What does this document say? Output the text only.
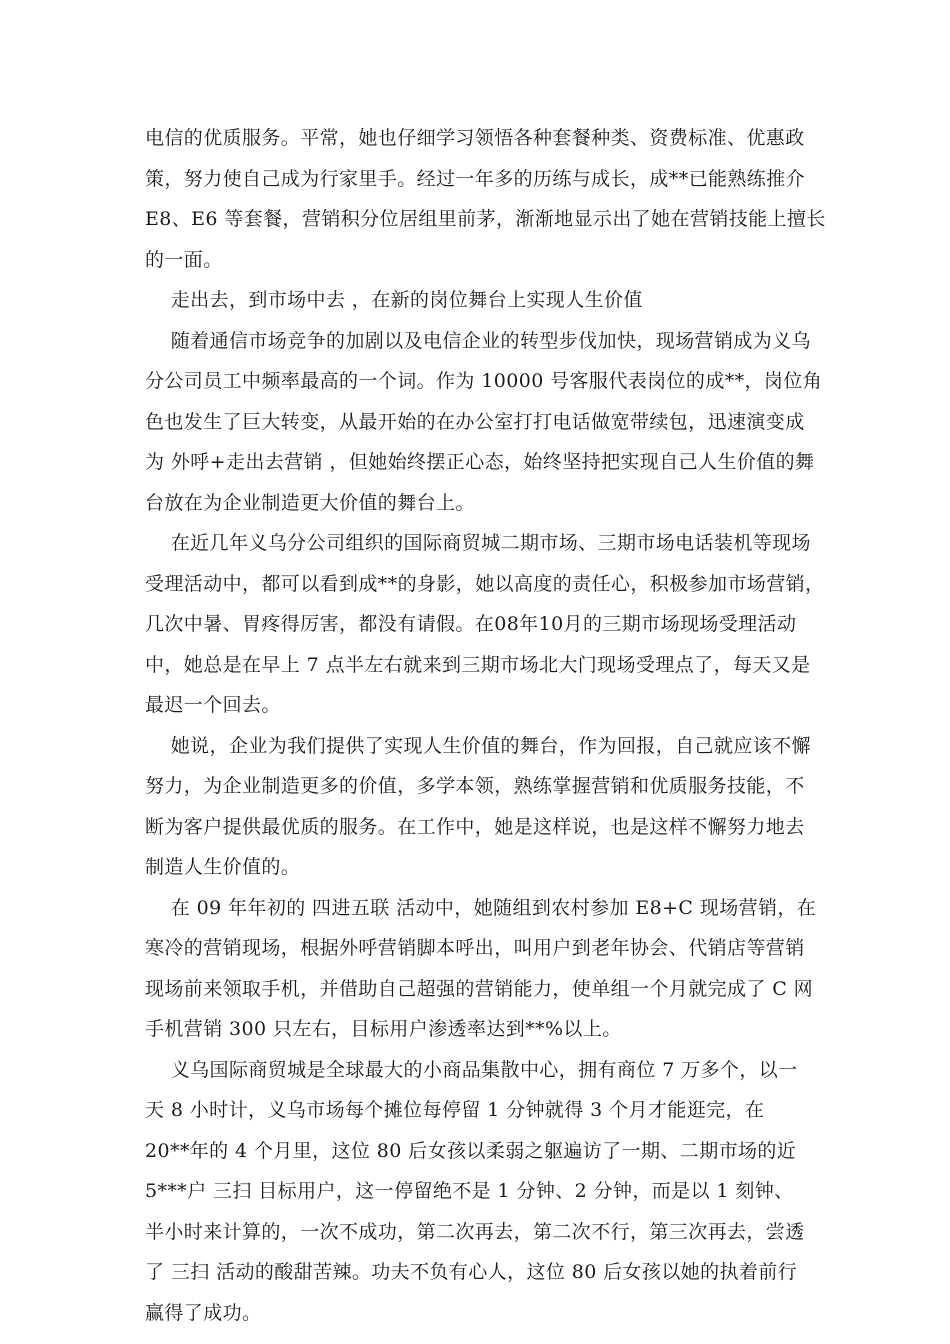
电信的优质服务。平常，她也仔细学习领悟各种套餐种类、资费标准、优惠政
策，努力使自己成为行家里手。经过一年多的历练与成长，成**已能熟练推介
E8、E6 等套餐，营销积分位居组里前茅，渐渐地显示出了她在营销技能上擅长
的一面。
走出去，到市场中去 ，在新的岗位舞台上实现人生价值
随着通信市场竞争的加剧以及电信企业的转型步伐加快，现场营销成为义乌
分公司员工中频率最高的一个词。作为 10000 号客服代表岗位的成**，岗位角
色也发生了巨大转变，从最开始的在办公室打打电话做宽带续包，迅速演变成
为 外呼+走出去营销 ，但她始终摆正心态，始终坚持把实现自己人生价值的舞
台放在为企业制造更大价值的舞台上。
在近几年义乌分公司组织的国际商贸城二期市场、三期市场电话装机等现场
受理活动中，都可以看到成**的身影，她以高度的责任心，积极参加市场营销，
几次中暑、胃疼得厉害，都没有请假。在08年10月的三期市场现场受理活动
中，她总是在早上 7 点半左右就来到三期市场北大门现场受理点了，每天又是
最迟一个回去。
她说，企业为我们提供了实现人生价值的舞台，作为回报，自己就应该不懈
努力，为企业制造更多的价值，多学本领，熟练掌握营销和优质服务技能，不
断为客户提供最优质的服务。在工作中，她是这样说，也是这样不懈努力地去
制造人生价值的。
在 09 年年初的 四进五联 活动中，她随组到农村参加 E8+C 现场营销，在
寒冷的营销现场，根据外呼营销脚本呼出，叫用户到老年协会、代销店等营销
现场前来领取手机，并借助自己超强的营销能力，使单组一个月就完成了 C 网
手机营销 300 只左右，目标用户渗透率达到**%以上。
义乌国际商贸城是全球最大的小商品集散中心，拥有商位 7 万多个，以一
天 8 小时计，义乌市场每个摊位每停留 1 分钟就得 3 个月才能逛完，在
20**年的 4 个月里，这位 80 后女孩以柔弱之躯遍访了一期、二期市场的近
5***户 三扫 目标用户，这一停留绝不是 1 分钟、2 分钟，而是以 1 刻钟、
半小时来计算的，一次不成功，第二次再去，第二次不行，第三次再去，尝透
了 三扫 活动的酸甜苦辣。功夫不负有心人，这位 80 后女孩以她的执着前行
赢得了成功。
